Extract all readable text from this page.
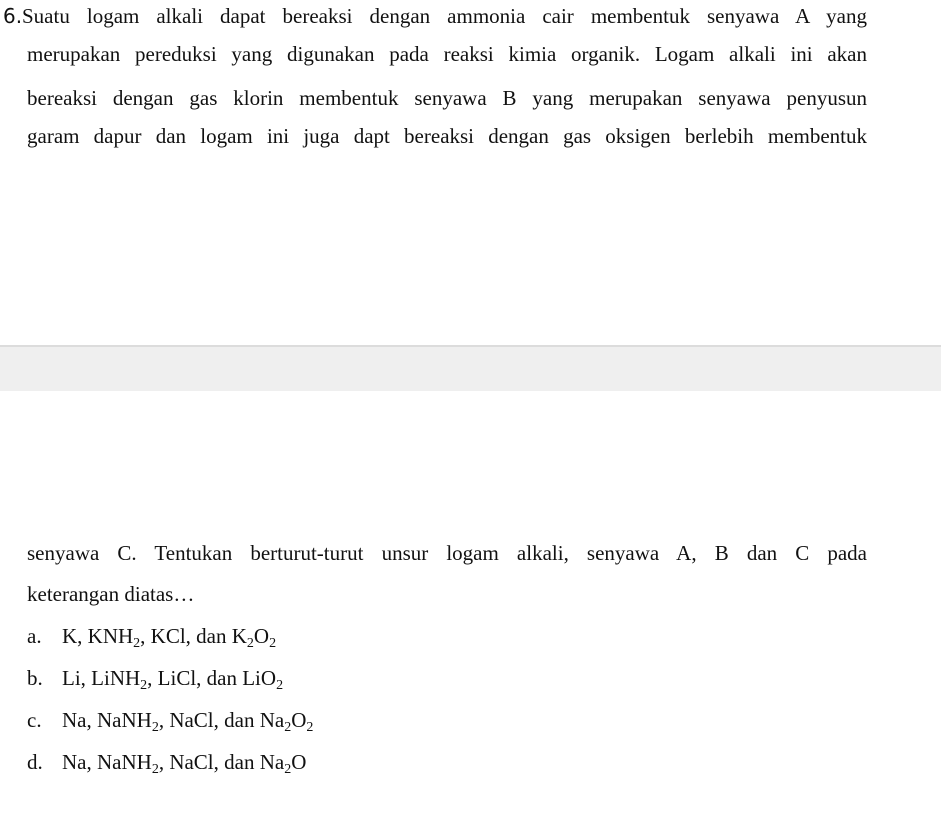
6. Suatu logam alkali dapat bereaksi dengan ammonia cair membentuk senyawa A yang
merupakan pereduksi yang digunakan pada reaksi kimia organik. Logam alkali ini akan
bereaksi dengan gas klorin membentuk senyawa B yang merupakan senyawa penyusun
garam dapur dan logam ini juga dapt bereaksi dengan gas oksigen berlebih membentuk
senyawa C. Tentukan berturut-turut unsur logam alkali, senyawa A, B dan C pada
keterangan diatas…
a. K, $KNH_2$, KCl, dan $K_2O_2$
b. Li, LiNH$_2$, LiCl, dan LiO$_2$
c. Na, NaNH$_2$, NaCl, dan $Na_2O_2$
d. Na, NaNH$_2$, NaCl, dan $Na_2O$
